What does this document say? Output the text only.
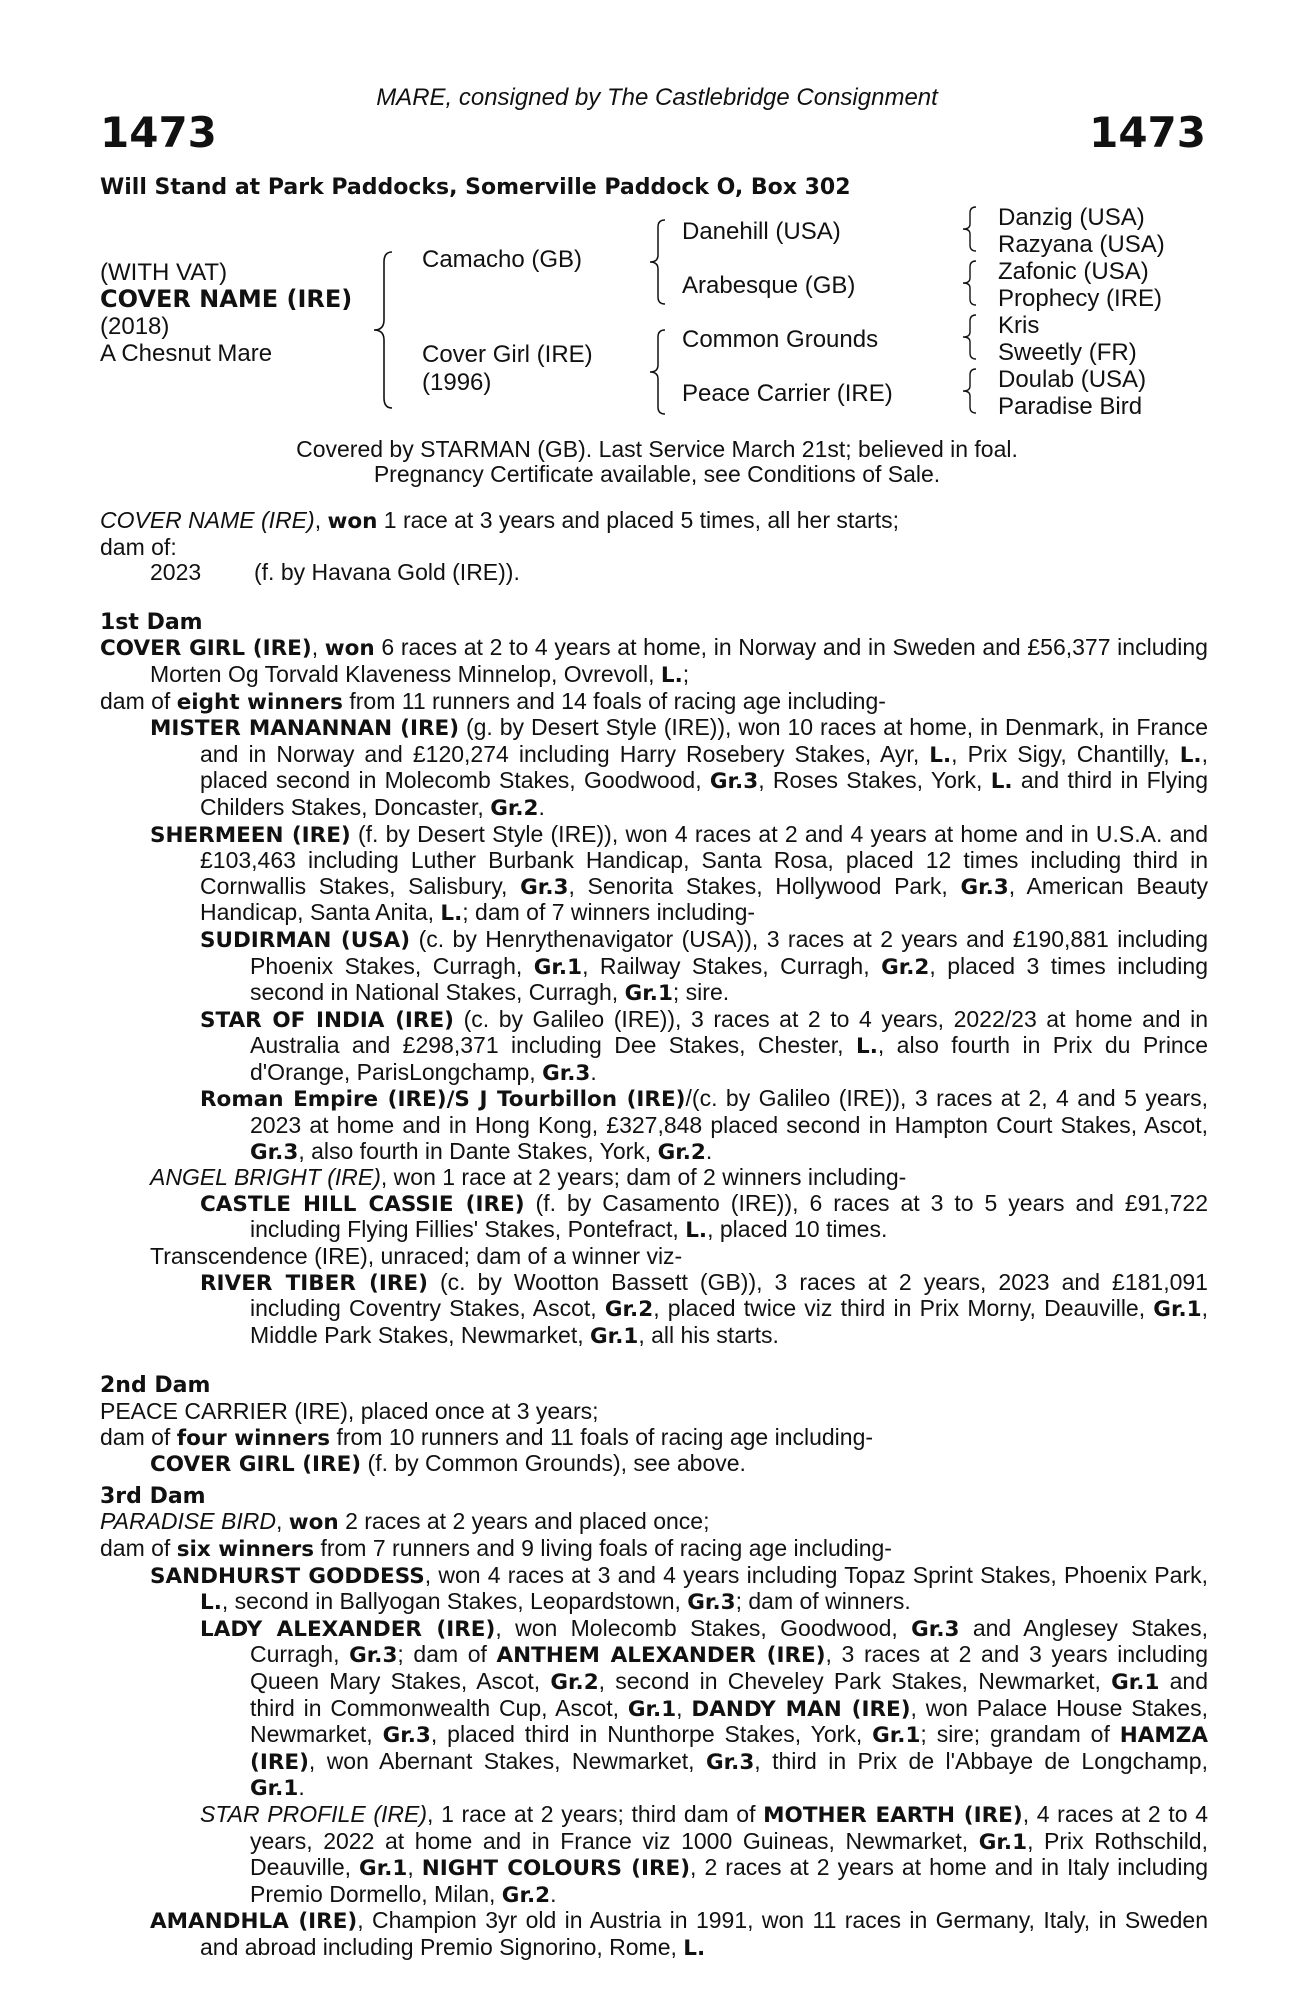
MARE, consigned by The Castlebridge Consignment
1473	1473
Will Stand at Park Paddocks, Somerville Paddock O, Box 302
(WITH VAT)
COVER NAME (IRE)
(2018)
A Chesnut Mare
Camacho (GB)
Cover Girl (IRE)
(1996)
Danehill (USA)
Arabesque (GB)
Common Grounds
Peace Carrier (IRE)
Danzig (USA)
Razyana (USA)
Zafonic (USA)
Prophecy (IRE)
Kris
Sweetly (FR)
Doulab (USA)
Paradise Bird
Covered by STARMAN (GB). Last Service March 21st; believed in foal.
Pregnancy Certificate available, see Conditions of Sale.

COVER NAME (IRE), won 1 race at 3 years and placed 5 times, all her starts;

dam of:

2023 (f. by Havana Gold (IRE)).

1st Dam

COVER GIRL (IRE), won 6 races at 2 to 4 years at home, in Norway and in Sweden and £56,377 including Morten Og Torvald Klaveness Minnelop, Ovrevoll, L.;

dam of eight winners from 11 runners and 14 foals of racing age including-

MISTER MANANNAN (IRE) (g. by Desert Style (IRE)), won 10 races at home, in Denmark, in France and in Norway and £120,274 including Harry Rosebery Stakes, Ayr, L., Prix Sigy, Chantilly, L., placed second in Molecomb Stakes, Goodwood, Gr.3, Roses Stakes, York, L. and third in Flying Childers Stakes, Doncaster, Gr.2.

SHERMEEN (IRE) (f. by Desert Style (IRE)), won 4 races at 2 and 4 years at home and in U.S.A. and £103,463 including Luther Burbank Handicap, Santa Rosa, placed 12 times including third in Cornwallis Stakes, Salisbury, Gr.3, Senorita Stakes, Hollywood Park, Gr.3, American Beauty Handicap, Santa Anita, L.; dam of 7 winners including-

SUDIRMAN (USA) (c. by Henrythenavigator (USA)), 3 races at 2 years and £190,881 including Phoenix Stakes, Curragh, Gr.1, Railway Stakes, Curragh, Gr.2, placed 3 times including second in National Stakes, Curragh, Gr.1; sire.

STAR OF INDIA (IRE) (c. by Galileo (IRE)), 3 races at 2 to 4 years, 2022/23 at home and in Australia and £298,371 including Dee Stakes, Chester, L., also fourth in Prix du Prince d'Orange, ParisLongchamp, Gr.3.

Roman Empire (IRE)/S J Tourbillon (IRE)/(c. by Galileo (IRE)), 3 races at 2, 4 and 5 years, 2023 at home and in Hong Kong, £327,848 placed second in Hampton Court Stakes, Ascot, Gr.3, also fourth in Dante Stakes, York, Gr.2.

ANGEL BRIGHT (IRE), won 1 race at 2 years; dam of 2 winners including-

CASTLE HILL CASSIE (IRE) (f. by Casamento (IRE)), 6 races at 3 to 5 years and £91,722 including Flying Fillies' Stakes, Pontefract, L., placed 10 times.

Transcendence (IRE), unraced; dam of a winner viz-

RIVER TIBER (IRE) (c. by Wootton Bassett (GB)), 3 races at 2 years, 2023 and £181,091 including Coventry Stakes, Ascot, Gr.2, placed twice viz third in Prix Morny, Deauville, Gr.1, Middle Park Stakes, Newmarket, Gr.1, all his starts.

2nd Dam

PEACE CARRIER (IRE), placed once at 3 years;

dam of four winners from 10 runners and 11 foals of racing age including-

COVER GIRL (IRE) (f. by Common Grounds), see above.

3rd Dam

PARADISE BIRD, won 2 races at 2 years and placed once;

dam of six winners from 7 runners and 9 living foals of racing age including-

SANDHURST GODDESS, won 4 races at 3 and 4 years including Topaz Sprint Stakes, Phoenix Park, L., second in Ballyogan Stakes, Leopardstown, Gr.3; dam of winners.

LADY ALEXANDER (IRE), won Molecomb Stakes, Goodwood, Gr.3 and Anglesey Stakes, Curragh, Gr.3; dam of ANTHEM ALEXANDER (IRE), 3 races at 2 and 3 years including Queen Mary Stakes, Ascot, Gr.2, second in Cheveley Park Stakes, Newmarket, Gr.1 and third in Commonwealth Cup, Ascot, Gr.1, DANDY MAN (IRE), won Palace House Stakes, Newmarket, Gr.3, placed third in Nunthorpe Stakes, York, Gr.1; sire; grandam of HAMZA (IRE), won Abernant Stakes, Newmarket, Gr.3, third in Prix de l'Abbaye de Longchamp, Gr.1.

STAR PROFILE (IRE), 1 race at 2 years; third dam of MOTHER EARTH (IRE), 4 races at 2 to 4 years, 2022 at home and in France viz 1000 Guineas, Newmarket, Gr.1, Prix Rothschild, Deauville, Gr.1, NIGHT COLOURS (IRE), 2 races at 2 years at home and in Italy including Premio Dormello, Milan, Gr.2.

AMANDHLA (IRE), Champion 3yr old in Austria in 1991, won 11 races in Germany, Italy, in Sweden and abroad including Premio Signorino, Rome, L.
